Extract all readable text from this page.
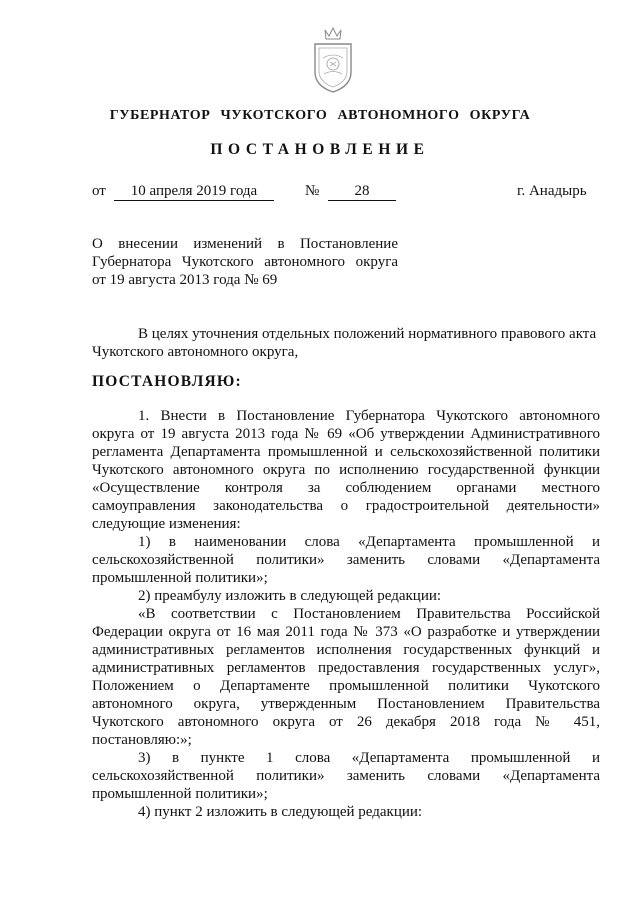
ГУБЕРНАТОР ЧУКОТСКОГО АВТОНОМНОГО ОКРУГА
ПОСТАНОВЛЕНИЕ
от	10 апреля 2019 года	№	28	г. Анадырь
О внесении изменений в Постановление
Губернатора Чукотского автономного округа
от 19 августа 2013 года № 69
В целях уточнения отдельных положений нормативного правового акта
Чукотского автономного округа,
ПОСТАНОВЛЯЮ:
1. Внести в Постановление Губернатора Чукотского автономного
округа от 19 августа 2013 года № 69 «Об утверждении Административного
регламента Департамента промышленной и сельскохозяйственной политики
Чукотского автономного округа по исполнению государственной функции
«Осуществление контроля за соблюдением органами местного
самоуправления законодательства о градостроительной деятельности»
следующие изменения:
1) в наименовании слова «Департамента промышленной и
сельскохозяйственной политики» заменить словами «Департамента
промышленной политики»;
2) преамбулу изложить в следующей редакции:
«В соответствии с Постановлением Правительства Российской
Федерации округа от 16 мая 2011 года № 373 «О разработке и утверждении
административных регламентов исполнения государственных функций и
административных регламентов предоставления государственных услуг»,
Положением о Департаменте промышленной политики Чукотского
автономного округа, утвержденным Постановлением Правительства
Чукотского автономного округа от 26 декабря 2018 года № 451,
постановляю:»;
3) в пункте 1 слова «Департамента промышленной и
сельскохозяйственной политики» заменить словами «Департамента
промышленной политики»;
4) пункт 2 изложить в следующей редакции:
